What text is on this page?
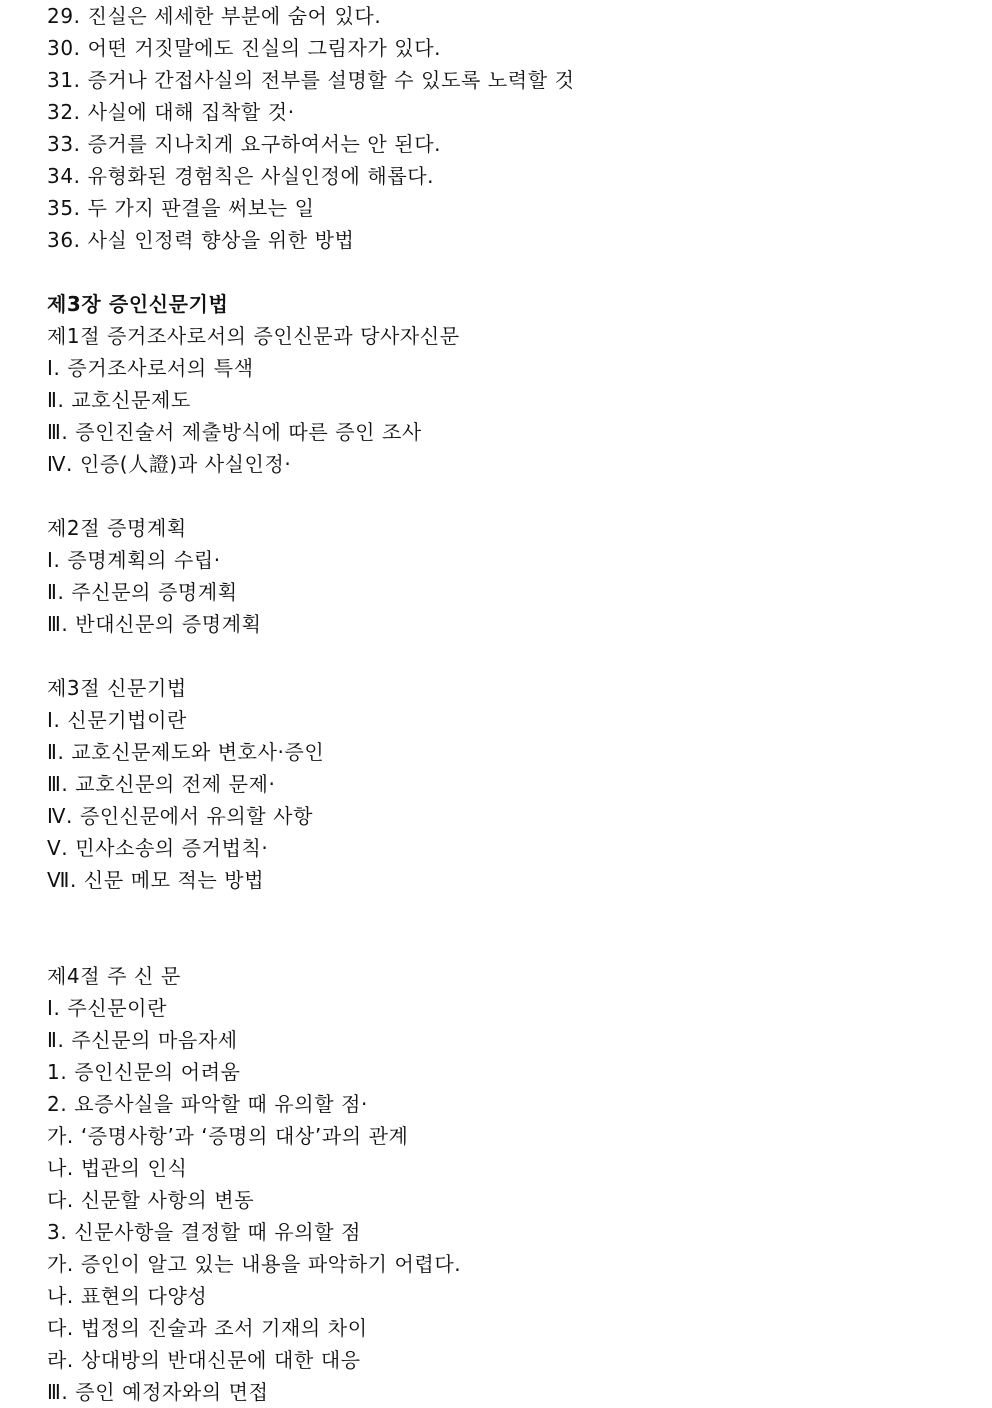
29. 진실은 세세한 부분에 숨어 있다.
30. 어떤 거짓말에도 진실의 그림자가 있다.
31. 증거나 간접사실의 전부를 설명할 수 있도록 노력할 것
32. 사실에 대해 집착할 것·
33. 증거를 지나치게 요구하여서는 안 된다.
34. 유형화된 경험칙은 사실인정에 해롭다.
35. 두 가지 판결을 써보는 일
36. 사실 인정력 향상을 위한 방법
제3장 증인신문기법
제1절 증거조사로서의 증인신문과 당사자신문
Ⅰ. 증거조사로서의 특색
Ⅱ. 교호신문제도
Ⅲ. 증인진술서 제출방식에 따른 증인 조사
Ⅳ. 인증(人證)과 사실인정·
제2절 증명계획
Ⅰ. 증명계획의 수립·
Ⅱ. 주신문의 증명계획
Ⅲ. 반대신문의 증명계획
제3절 신문기법
Ⅰ. 신문기법이란
Ⅱ. 교호신문제도와 변호사·증인
Ⅲ. 교호신문의 전제 문제·
Ⅳ. 증인신문에서 유의할 사항
Ⅴ. 민사소송의 증거법칙·
Ⅶ. 신문 메모 적는 방법
제4절 주 신 문
Ⅰ. 주신문이란
Ⅱ. 주신문의 마음자세
1. 증인신문의 어려움
2. 요증사실을 파악할 때 유의할 점·
가. ‘증명사항’과 ‘증명의 대상’과의 관계
나. 법관의 인식
다. 신문할 사항의 변동
3. 신문사항을 결정할 때 유의할 점
가. 증인이 알고 있는 내용을 파악하기 어렵다.
나. 표현의 다양성
다. 법정의 진술과 조서 기재의 차이
라. 상대방의 반대신문에 대한 대응
Ⅲ. 증인 예정자와의 면접
